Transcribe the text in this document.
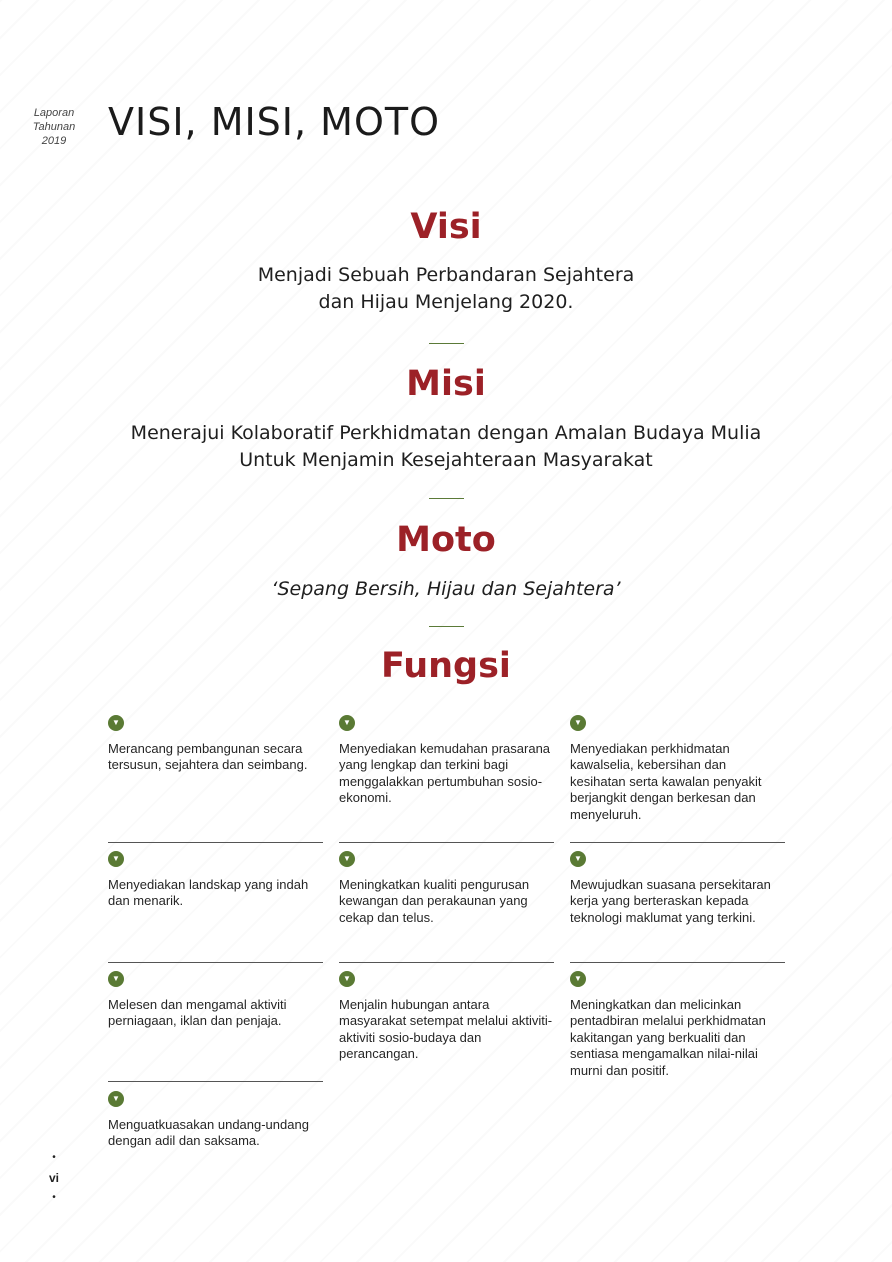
Laporan
Tahunan
2019	VISI, MISI, MOTO
Visi
Menjadi Sebuah Perbandaran Sejahtera
dan Hijau Menjelang 2020.
Misi
Menerajui Kolaboratif Perkhidmatan dengan Amalan Budaya Mulia
Untuk Menjamin Kesejahteraan Masyarakat
Moto
‘Sepang Bersih, Hijau dan Sejahtera’
Fungsi
▼
Merancang pembangunan secara tersusun, sejahtera dan seimbang.
▼
Menyediakan kemudahan prasarana yang lengkap dan terkini bagi menggalakkan pertumbuhan sosio-ekonomi.
▼
Menyediakan perkhidmatan kawalselia, kebersihan dan kesihatan serta kawalan penyakit berjangkit dengan berkesan dan menyeluruh.
▼
Menyediakan landskap yang indah dan menarik.
▼
Meningkatkan kualiti pengurusan kewangan dan perakaunan yang cekap dan telus.
▼
Mewujudkan suasana persekitaran kerja yang berteraskan kepada teknologi maklumat yang terkini.
▼
Melesen dan mengamal aktiviti perniagaan, iklan dan penjaja.
▼
Menjalin hubungan antara masyarakat setempat melalui aktiviti-aktiviti sosio-budaya dan perancangan.
▼
Meningkatkan dan melicinkan pentadbiran melalui perkhidmatan kakitangan yang berkualiti dan sentiasa mengamalkan nilai-nilai murni dan positif.
▼
Menguatkuasakan undang-undang dengan adil dan saksama.
•
vi
•
